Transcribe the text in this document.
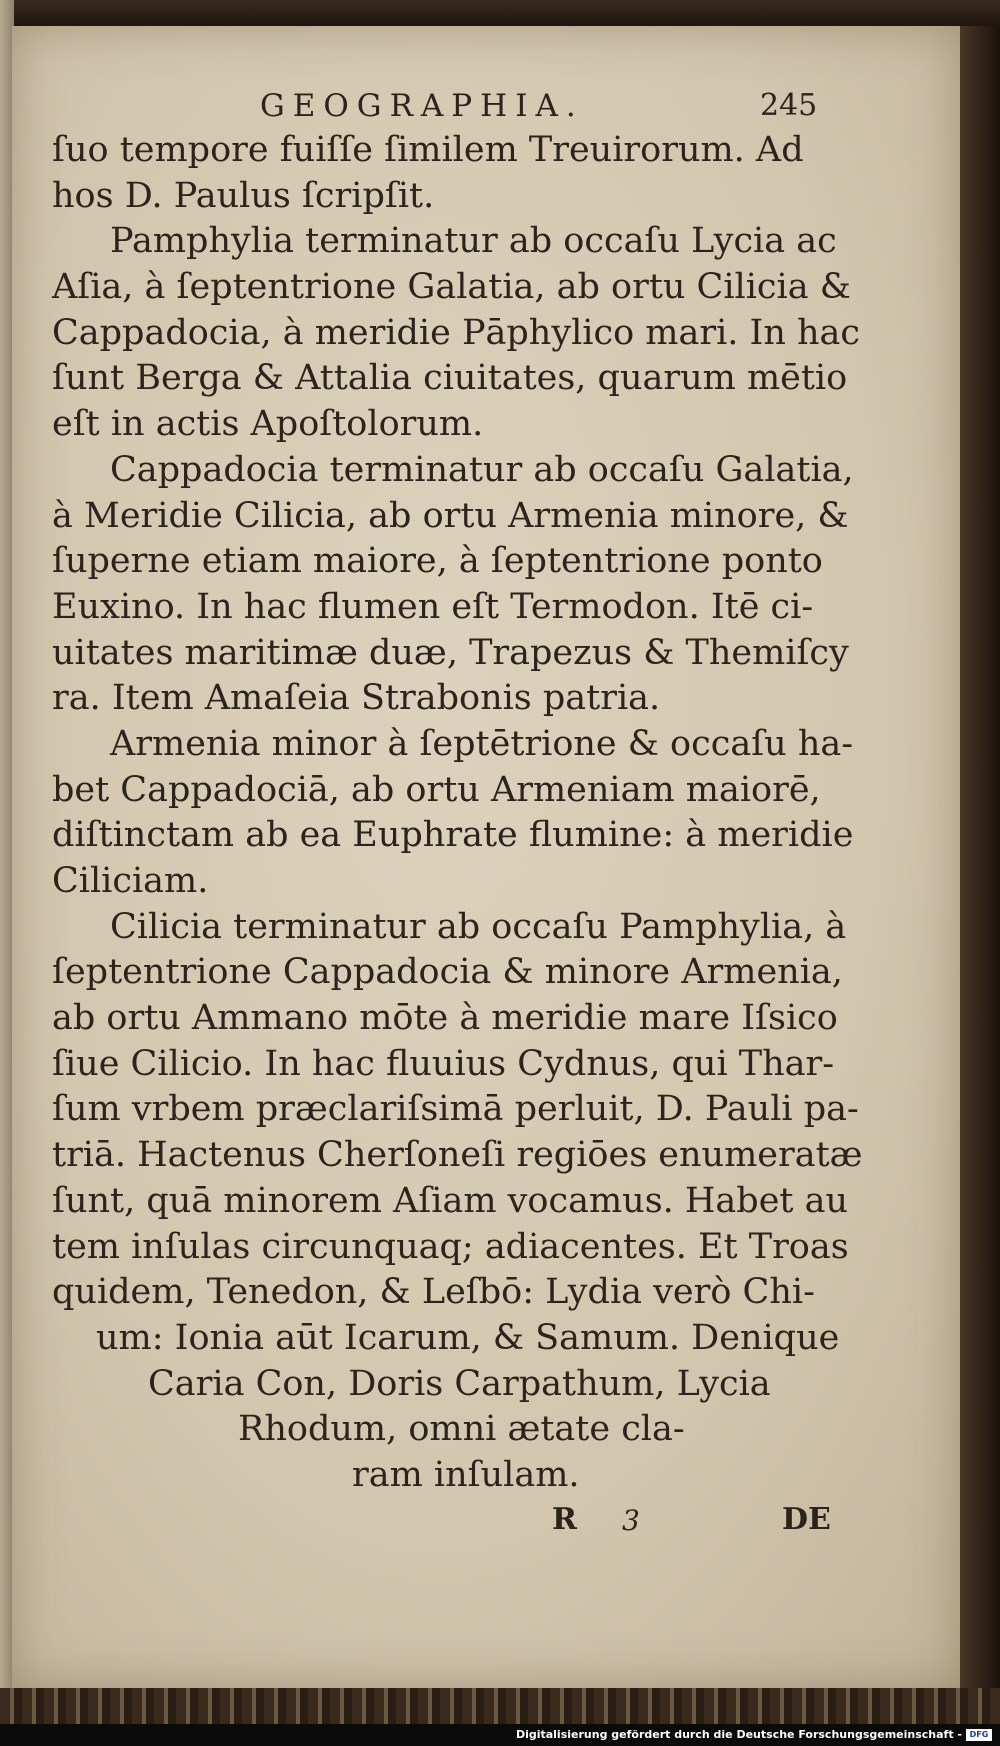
GEOGRAPHIA.	245
ſuo tempore fuiſſe ſimilem Treuirorum. Ad
hos D. Paulus ſcripſit.
Pamphylia terminatur ab occaſu Lycia ac
Aſia, à ſeptentrione Galatia, ab ortu Cilicia &
Cappadocia, à meridie Pāphylico mari. In hac
ſunt Berga & Attalia ciuitates, quarum mētio
eſt in actis Apoſtolorum.
Cappadocia terminatur ab occaſu Galatia,
à Meridie Cilicia, ab ortu Armenia minore, &
ſuperne etiam maiore, à ſeptentrione ponto
Euxino. In hac flumen eſt Termodon. Itē ci-
uitates maritimæ duæ, Trapezus & Themiſcy
ra. Item Amaſeia Strabonis patria.
Armenia minor à ſeptētrione & occaſu ha-
bet Cappadociā, ab ortu Armeniam maiorē,
diſtinctam ab ea Euphrate flumine: à meridie
Ciliciam.
Cilicia terminatur ab occaſu Pamphylia, à
ſeptentrione Cappadocia & minore Armenia,
ab ortu Ammano mōte à meridie mare Iſsico
ſiue Cilicio. In hac fluuius Cydnus, qui Thar-
ſum vrbem præclariſsimā perluit, D. Pauli pa-
triā. Hactenus Cherſoneſi regiōes enumeratæ
ſunt, quā minorem Aſiam vocamus. Habet au
tem inſulas circunquaq; adiacentes. Et Troas
quidem, Tenedon, & Leſbō: Lydia verò Chi-
um: Ionia aūt Icarum, & Samum. Denique
Caria Con, Doris Carpathum, Lycia
Rhodum, omni ætate cla-
ram inſulam.
R 3	DE
Digitalisierung gefördert durch die Deutsche Forschungsgemeinschaft - DFG
